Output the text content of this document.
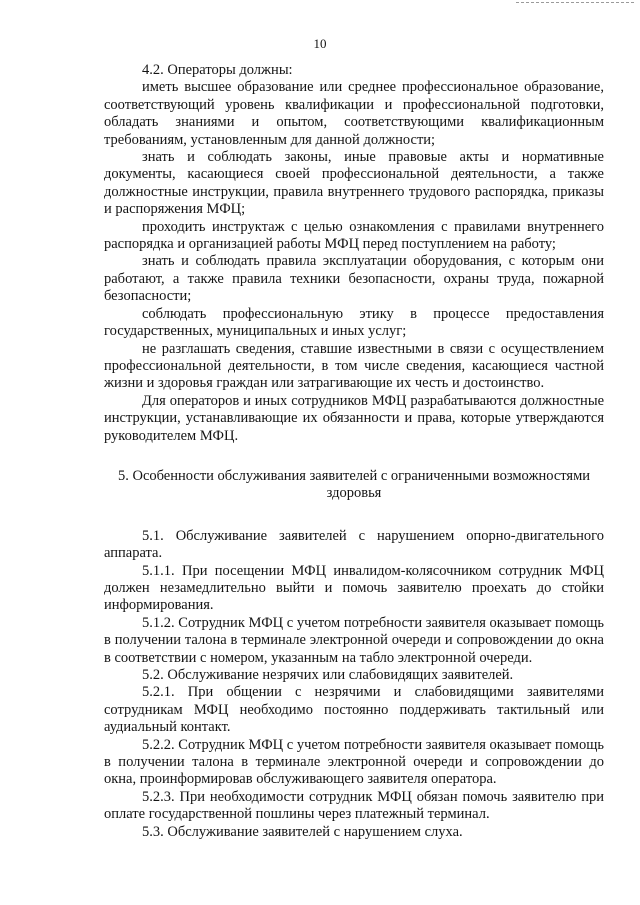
10

4.2. Операторы должны:

иметь высшее образование или среднее профессиональное образование, соответствующий уровень квалификации и профессиональной подготовки, обладать знаниями и опытом, соответствующими квалификационным требованиям, установленным для данной должности;

знать и соблюдать законы, иные правовые акты и нормативные документы, касающиеся своей профессиональной деятельности, а также должностные инструкции, правила внутреннего трудового распорядка, приказы и распоряжения МФЦ;

проходить инструктаж с целью ознакомления с правилами внутреннего распорядка и организацией работы МФЦ перед поступлением на работу;

знать и соблюдать правила эксплуатации оборудования, с которым они работают, а также правила техники безопасности, охраны труда, пожарной безопасности;

соблюдать профессиональную этику в процессе предоставления государственных, муниципальных и иных услуг;

не разглашать сведения, ставшие известными в связи с осуществлением профессиональной деятельности, в том числе сведения, касающиеся частной жизни и здоровья граждан или затрагивающие их честь и достоинство.

Для операторов и иных сотрудников МФЦ разрабатываются должностные инструкции, устанавливающие их обязанности и права, которые утверждаются руководителем МФЦ.

5. Особенности обслуживания заявителей с ограниченными возможностями здоровья

5.1. Обслуживание заявителей с нарушением опорно-двигательного аппарата.

5.1.1. При посещении МФЦ инвалидом-колясочником сотрудник МФЦ должен незамедлительно выйти и помочь заявителю проехать до стойки информирования.

5.1.2. Сотрудник МФЦ с учетом потребности заявителя оказывает помощь в получении талона в терминале электронной очереди и сопровождении до окна в соответствии с номером, указанным на табло электронной очереди.

5.2. Обслуживание незрячих или слабовидящих заявителей.

5.2.1. При общении с незрячими и слабовидящими заявителями сотрудникам МФЦ необходимо постоянно поддерживать тактильный или аудиальный контакт.

5.2.2. Сотрудник МФЦ с учетом потребности заявителя оказывает помощь в получении талона в терминале электронной очереди и сопровождении до окна, проинформировав обслуживающего заявителя оператора.

5.2.3. При необходимости сотрудник МФЦ обязан помочь заявителю при оплате государственной пошлины через платежный терминал.

5.3. Обслуживание заявителей с нарушением слуха.
